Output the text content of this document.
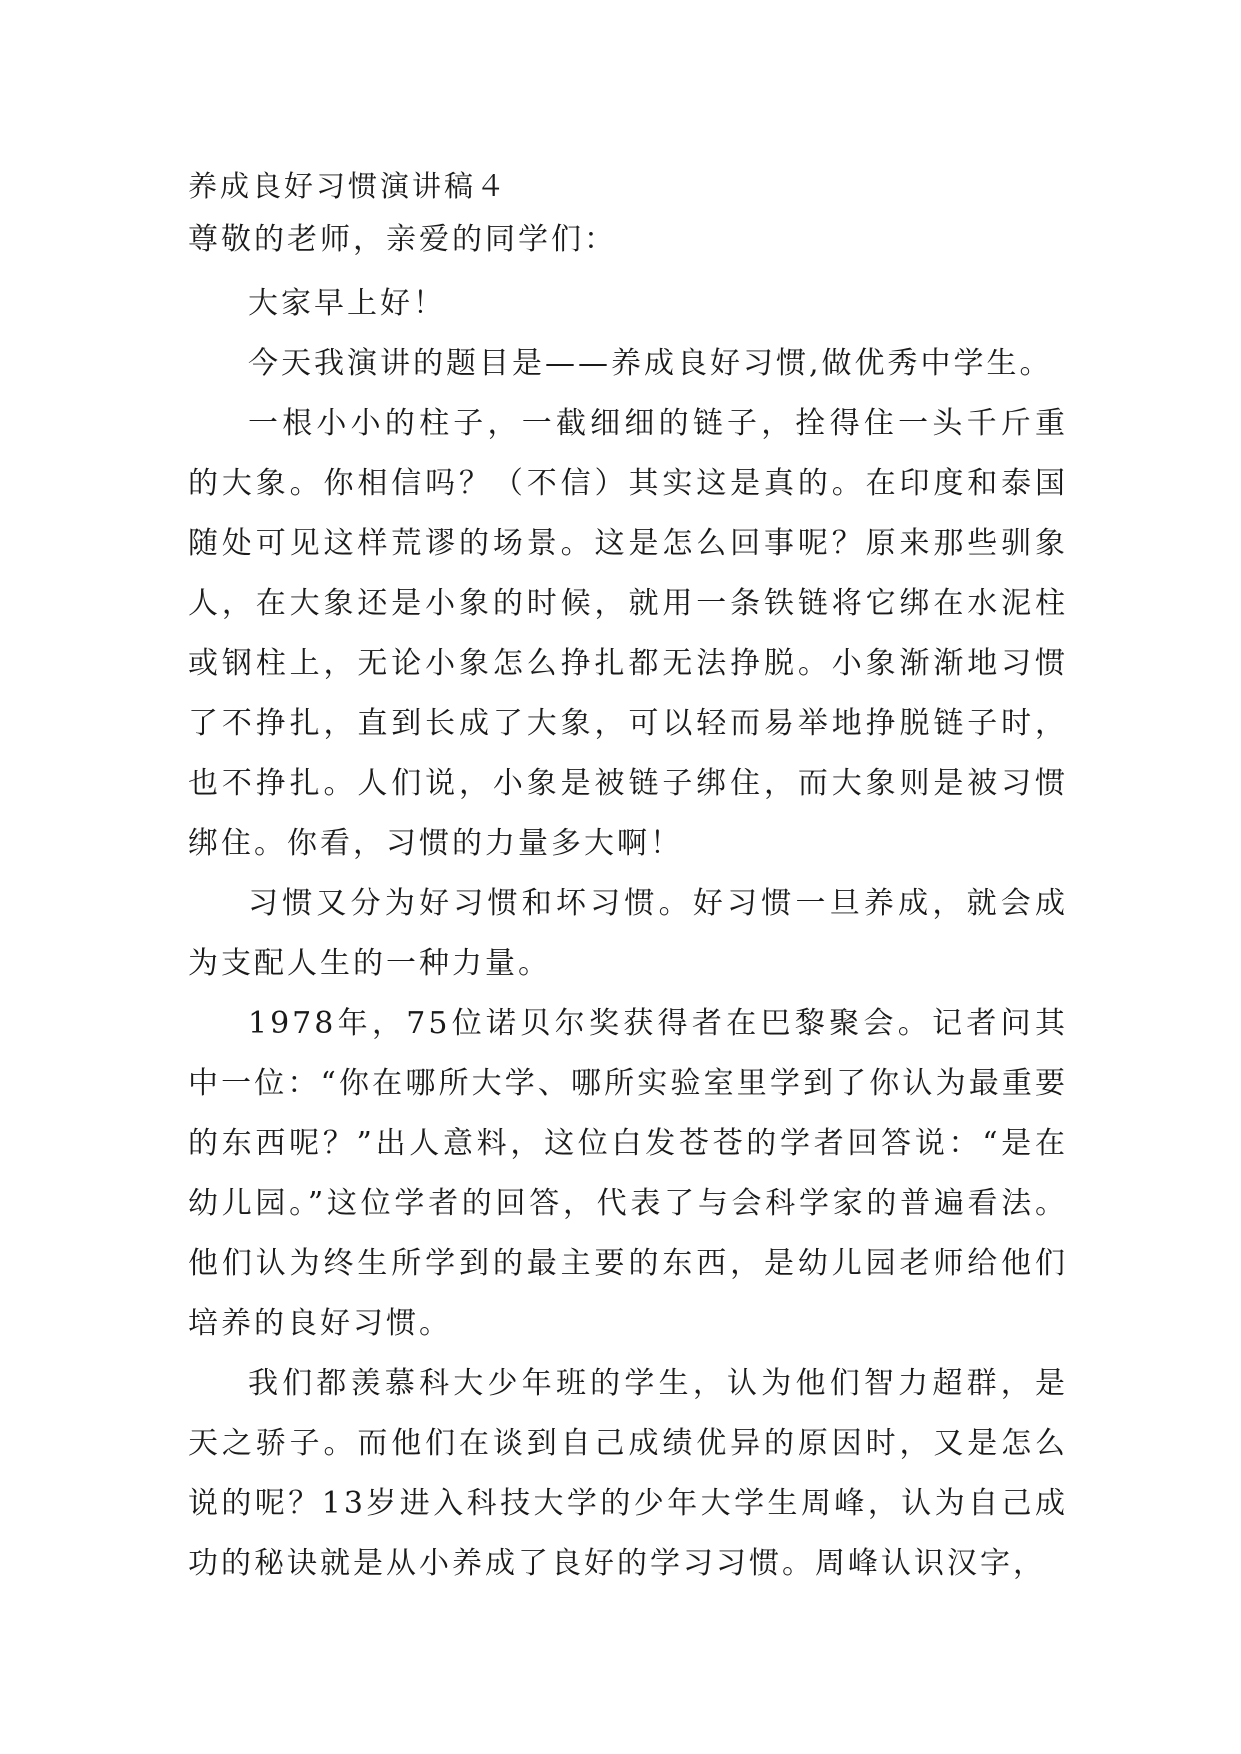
养成良好习惯演讲稿４

尊敬的老师，亲爱的同学们：

大家早上好！

今天我演讲的题目是——养成良好习惯,做优秀中学生。

一根小小的柱子，一截细细的链子，拴得住一头千斤重的大象。你相信吗？（不信）其实这是真的。在印度和泰国随处可见这样荒谬的场景。这是怎么回事呢？原来那些驯象人，在大象还是小象的时候，就用一条铁链将它绑在水泥柱或钢柱上，无论小象怎么挣扎都无法挣脱。小象渐渐地习惯了不挣扎，直到长成了大象，可以轻而易举地挣脱链子时，也不挣扎。人们说，小象是被链子绑住，而大象则是被习惯绑住。你看，习惯的力量多大啊！

习惯又分为好习惯和坏习惯。好习惯一旦养成，就会成为支配人生的一种力量。

1978年，75位诺贝尔奖获得者在巴黎聚会。记者问其中一位：“你在哪所大学、哪所实验室里学到了你认为最重要的东西呢？”出人意料，这位白发苍苍的学者回答说：“是在幼儿园。”这位学者的回答，代表了与会科学家的普遍看法。他们认为终生所学到的最主要的东西，是幼儿园老师给他们培养的良好习惯。

我们都羡慕科大少年班的学生，认为他们智力超群，是天之骄子。而他们在谈到自己成绩优异的原因时，又是怎么说的呢？13岁进入科技大学的少年大学生周峰，认为自己成功的秘诀就是从小养成了良好的学习习惯。周峰认识汉字，
